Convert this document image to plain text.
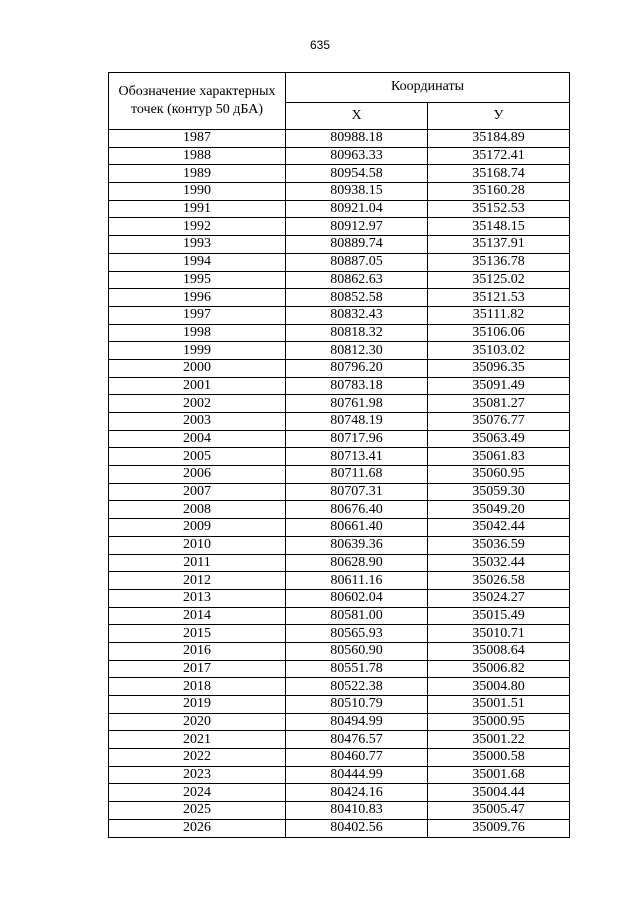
635
Обозначение характерных точек (контур 50 дБА)	Координаты	
	X	У
1987	80988.18	35184.89
1988	80963.33	35172.41
1989	80954.58	35168.74
1990	80938.15	35160.28
1991	80921.04	35152.53
1992	80912.97	35148.15
1993	80889.74	35137.91
1994	80887.05	35136.78
1995	80862.63	35125.02
1996	80852.58	35121.53
1997	80832.43	35111.82
1998	80818.32	35106.06
1999	80812.30	35103.02
2000	80796.20	35096.35
2001	80783.18	35091.49
2002	80761.98	35081.27
2003	80748.19	35076.77
2004	80717.96	35063.49
2005	80713.41	35061.83
2006	80711.68	35060.95
2007	80707.31	35059.30
2008	80676.40	35049.20
2009	80661.40	35042.44
2010	80639.36	35036.59
2011	80628.90	35032.44
2012	80611.16	35026.58
2013	80602.04	35024.27
2014	80581.00	35015.49
2015	80565.93	35010.71
2016	80560.90	35008.64
2017	80551.78	35006.82
2018	80522.38	35004.80
2019	80510.79	35001.51
2020	80494.99	35000.95
2021	80476.57	35001.22
2022	80460.77	35000.58
2023	80444.99	35001.68
2024	80424.16	35004.44
2025	80410.83	35005.47
2026	80402.56	35009.76
